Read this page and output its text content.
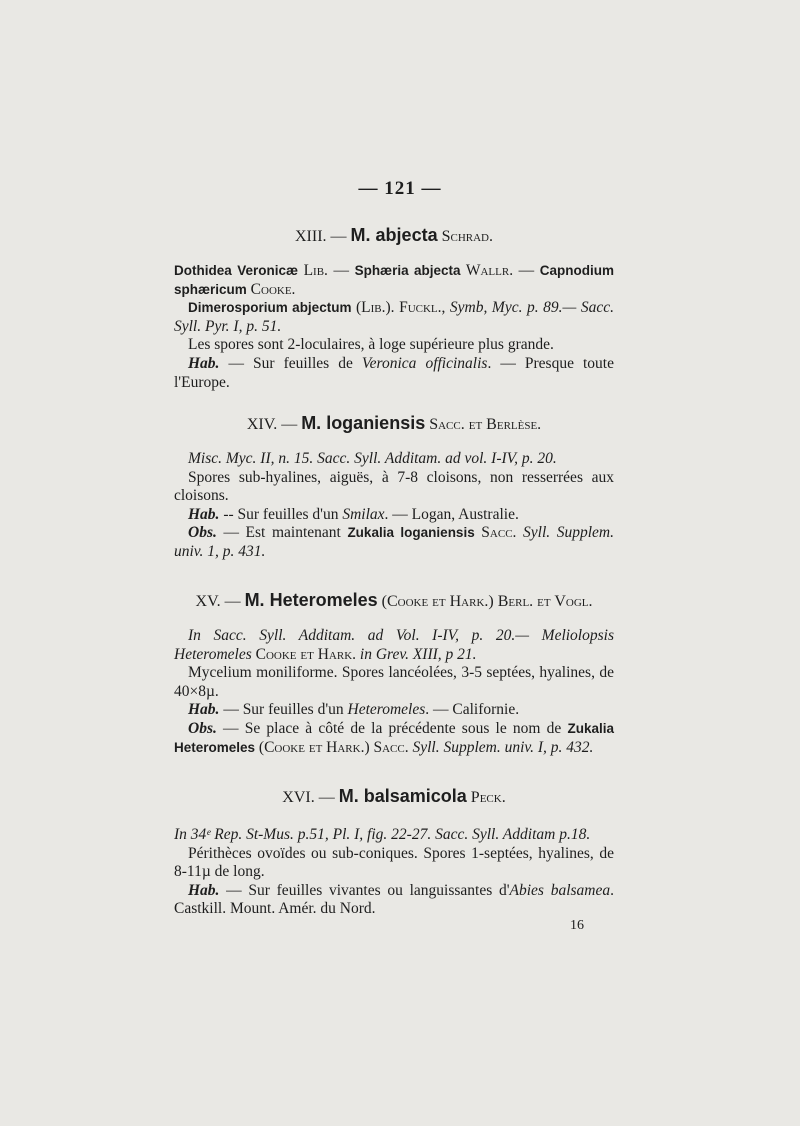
— 121 —

XIII. — M. abjecta Schrad.

Dothidea Veronicæ Lib. — Sphæria abjecta Wallr. — Capnodium sphæricum Cooke.

Dimerosporium abjectum (Lib.). Fuckl., Symb, Myc. p. 89.— Sacc. Syll. Pyr. I, p. 51.

Les spores sont 2-loculaires, à loge supérieure plus grande.

Hab. — Sur feuilles de Veronica officinalis. — Presque toute l'Europe.

XIV. — M. loganiensis Sacc. et Berlèse.

Misc. Myc. II, n. 15. Sacc. Syll. Additam. ad vol. I-IV, p. 20.

Spores sub-hyalines, aiguës, à 7-8 cloisons, non resserrées aux cloisons.

Hab. -- Sur feuilles d'un Smilax. — Logan, Australie.

Obs. — Est maintenant Zukalia loganiensis Sacc. Syll. Supplem. univ. 1, p. 431.

XV. — M. Heteromeles (Cooke et Hark.) Berl. et Vogl.

In Sacc. Syll. Additam. ad Vol. I-IV, p. 20.— Meliolopsis Heteromeles Cooke et Hark. in Grev. XIII, p 21.

Mycelium moniliforme. Spores lancéolées, 3-5 septées, hyalines, de 40×8µ.

Hab. — Sur feuilles d'un Heteromeles. — Californie.

Obs. — Se place à côté de la précédente sous le nom de Zukalia Heteromeles (Cooke et Hark.) Sacc. Syll. Supplem. univ. I, p. 432.

XVI. — M. balsamicola Peck.

In 34ᵉ Rep. St-Mus. p.51, Pl. I, fig. 22-27. Sacc. Syll. Additam p.18.

Périthèces ovoïdes ou sub-coniques. Spores 1-septées, hyalines, de 8-11µ de long.

Hab. — Sur feuilles vivantes ou languissantes d'Abies balsamea. Castkill. Mount. Amér. du Nord.

16
